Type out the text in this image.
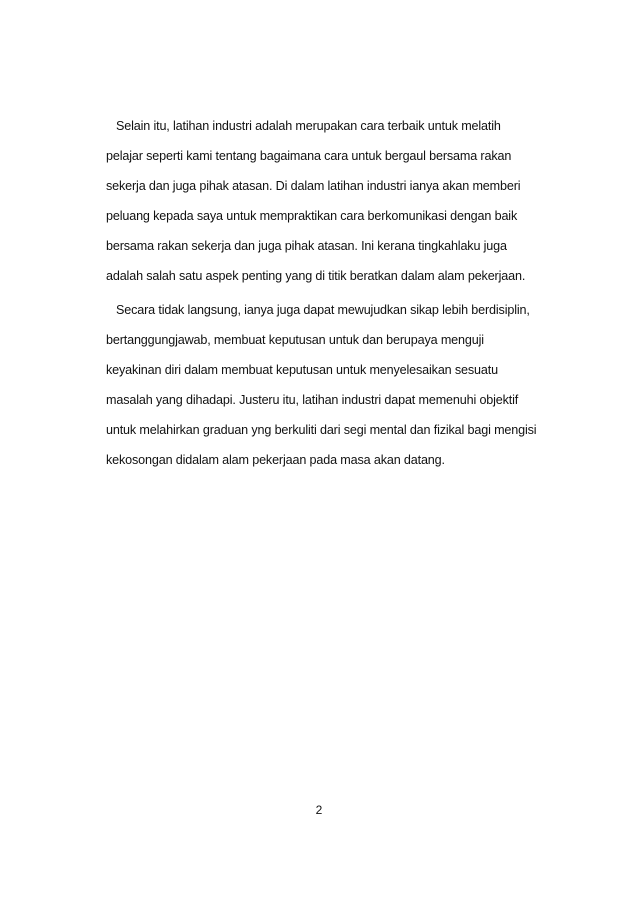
Selain itu, latihan industri adalah merupakan cara terbaik untuk melatih
pelajar seperti kami tentang bagaimana cara untuk bergaul bersama rakan
sekerja dan juga pihak atasan. Di dalam latihan industri ianya akan memberi
peluang kepada saya untuk mempraktikan cara berkomunikasi dengan baik
bersama rakan sekerja dan juga pihak atasan. Ini kerana tingkahlaku juga
adalah salah satu aspek penting yang di titik beratkan dalam alam pekerjaan.

Secara tidak langsung, ianya juga dapat mewujudkan sikap lebih berdisiplin,
bertanggungjawab, membuat keputusan untuk dan berupaya menguji
keyakinan diri dalam membuat keputusan untuk menyelesaikan sesuatu
masalah yang dihadapi. Justeru itu, latihan industri dapat memenuhi objektif
untuk melahirkan graduan yng berkuliti dari segi mental dan fizikal bagi mengisi
kekosongan didalam alam pekerjaan pada masa akan datang.

2
